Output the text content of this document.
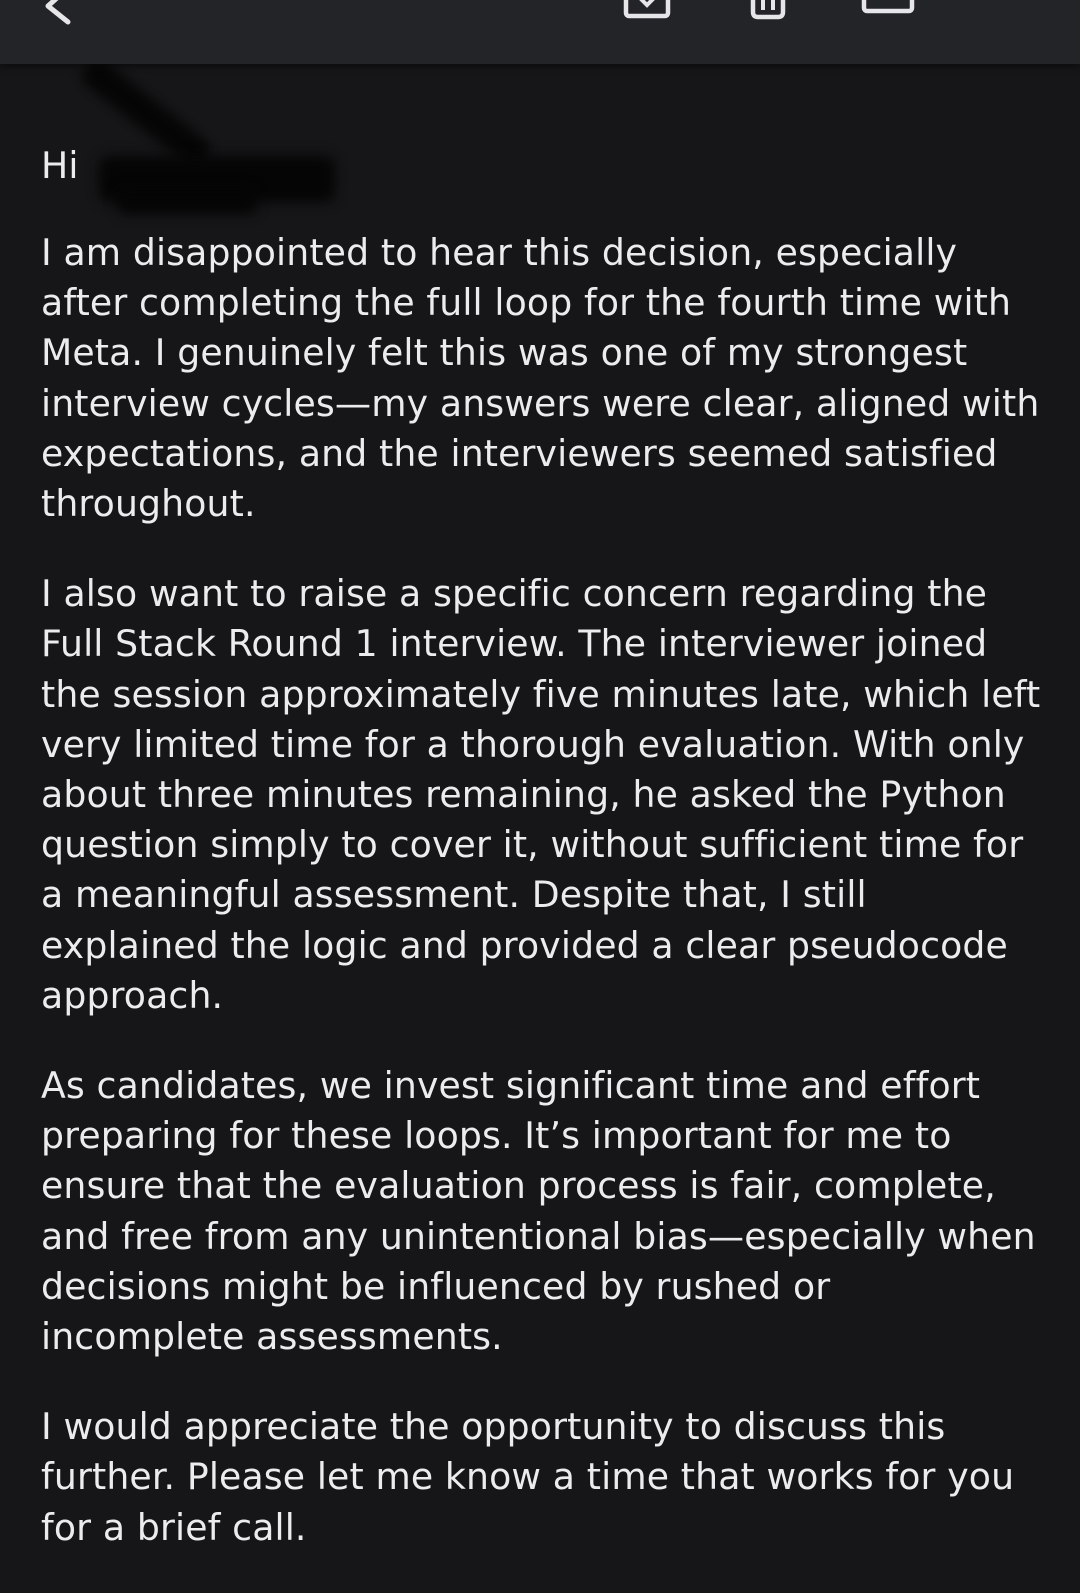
Hi

I am disappointed to hear this decision, especially
after completing the full loop for the fourth time with
Meta. I genuinely felt this was one of my strongest
interview cycles—my answers were clear, aligned with
expectations, and the interviewers seemed satisfied
throughout.

I also want to raise a specific concern regarding the
Full Stack Round 1 interview. The interviewer joined
the session approximately five minutes late, which left
very limited time for a thorough evaluation. With only
about three minutes remaining, he asked the Python
question simply to cover it, without sufficient time for
a meaningful assessment. Despite that, I still
explained the logic and provided a clear pseudocode
approach.

As candidates, we invest significant time and effort
preparing for these loops. It’s important for me to
ensure that the evaluation process is fair, complete,
and free from any unintentional bias—especially when
decisions might be influenced by rushed or
incomplete assessments.

I would appreciate the opportunity to discuss this
further. Please let me know a time that works for you
for a brief call.
